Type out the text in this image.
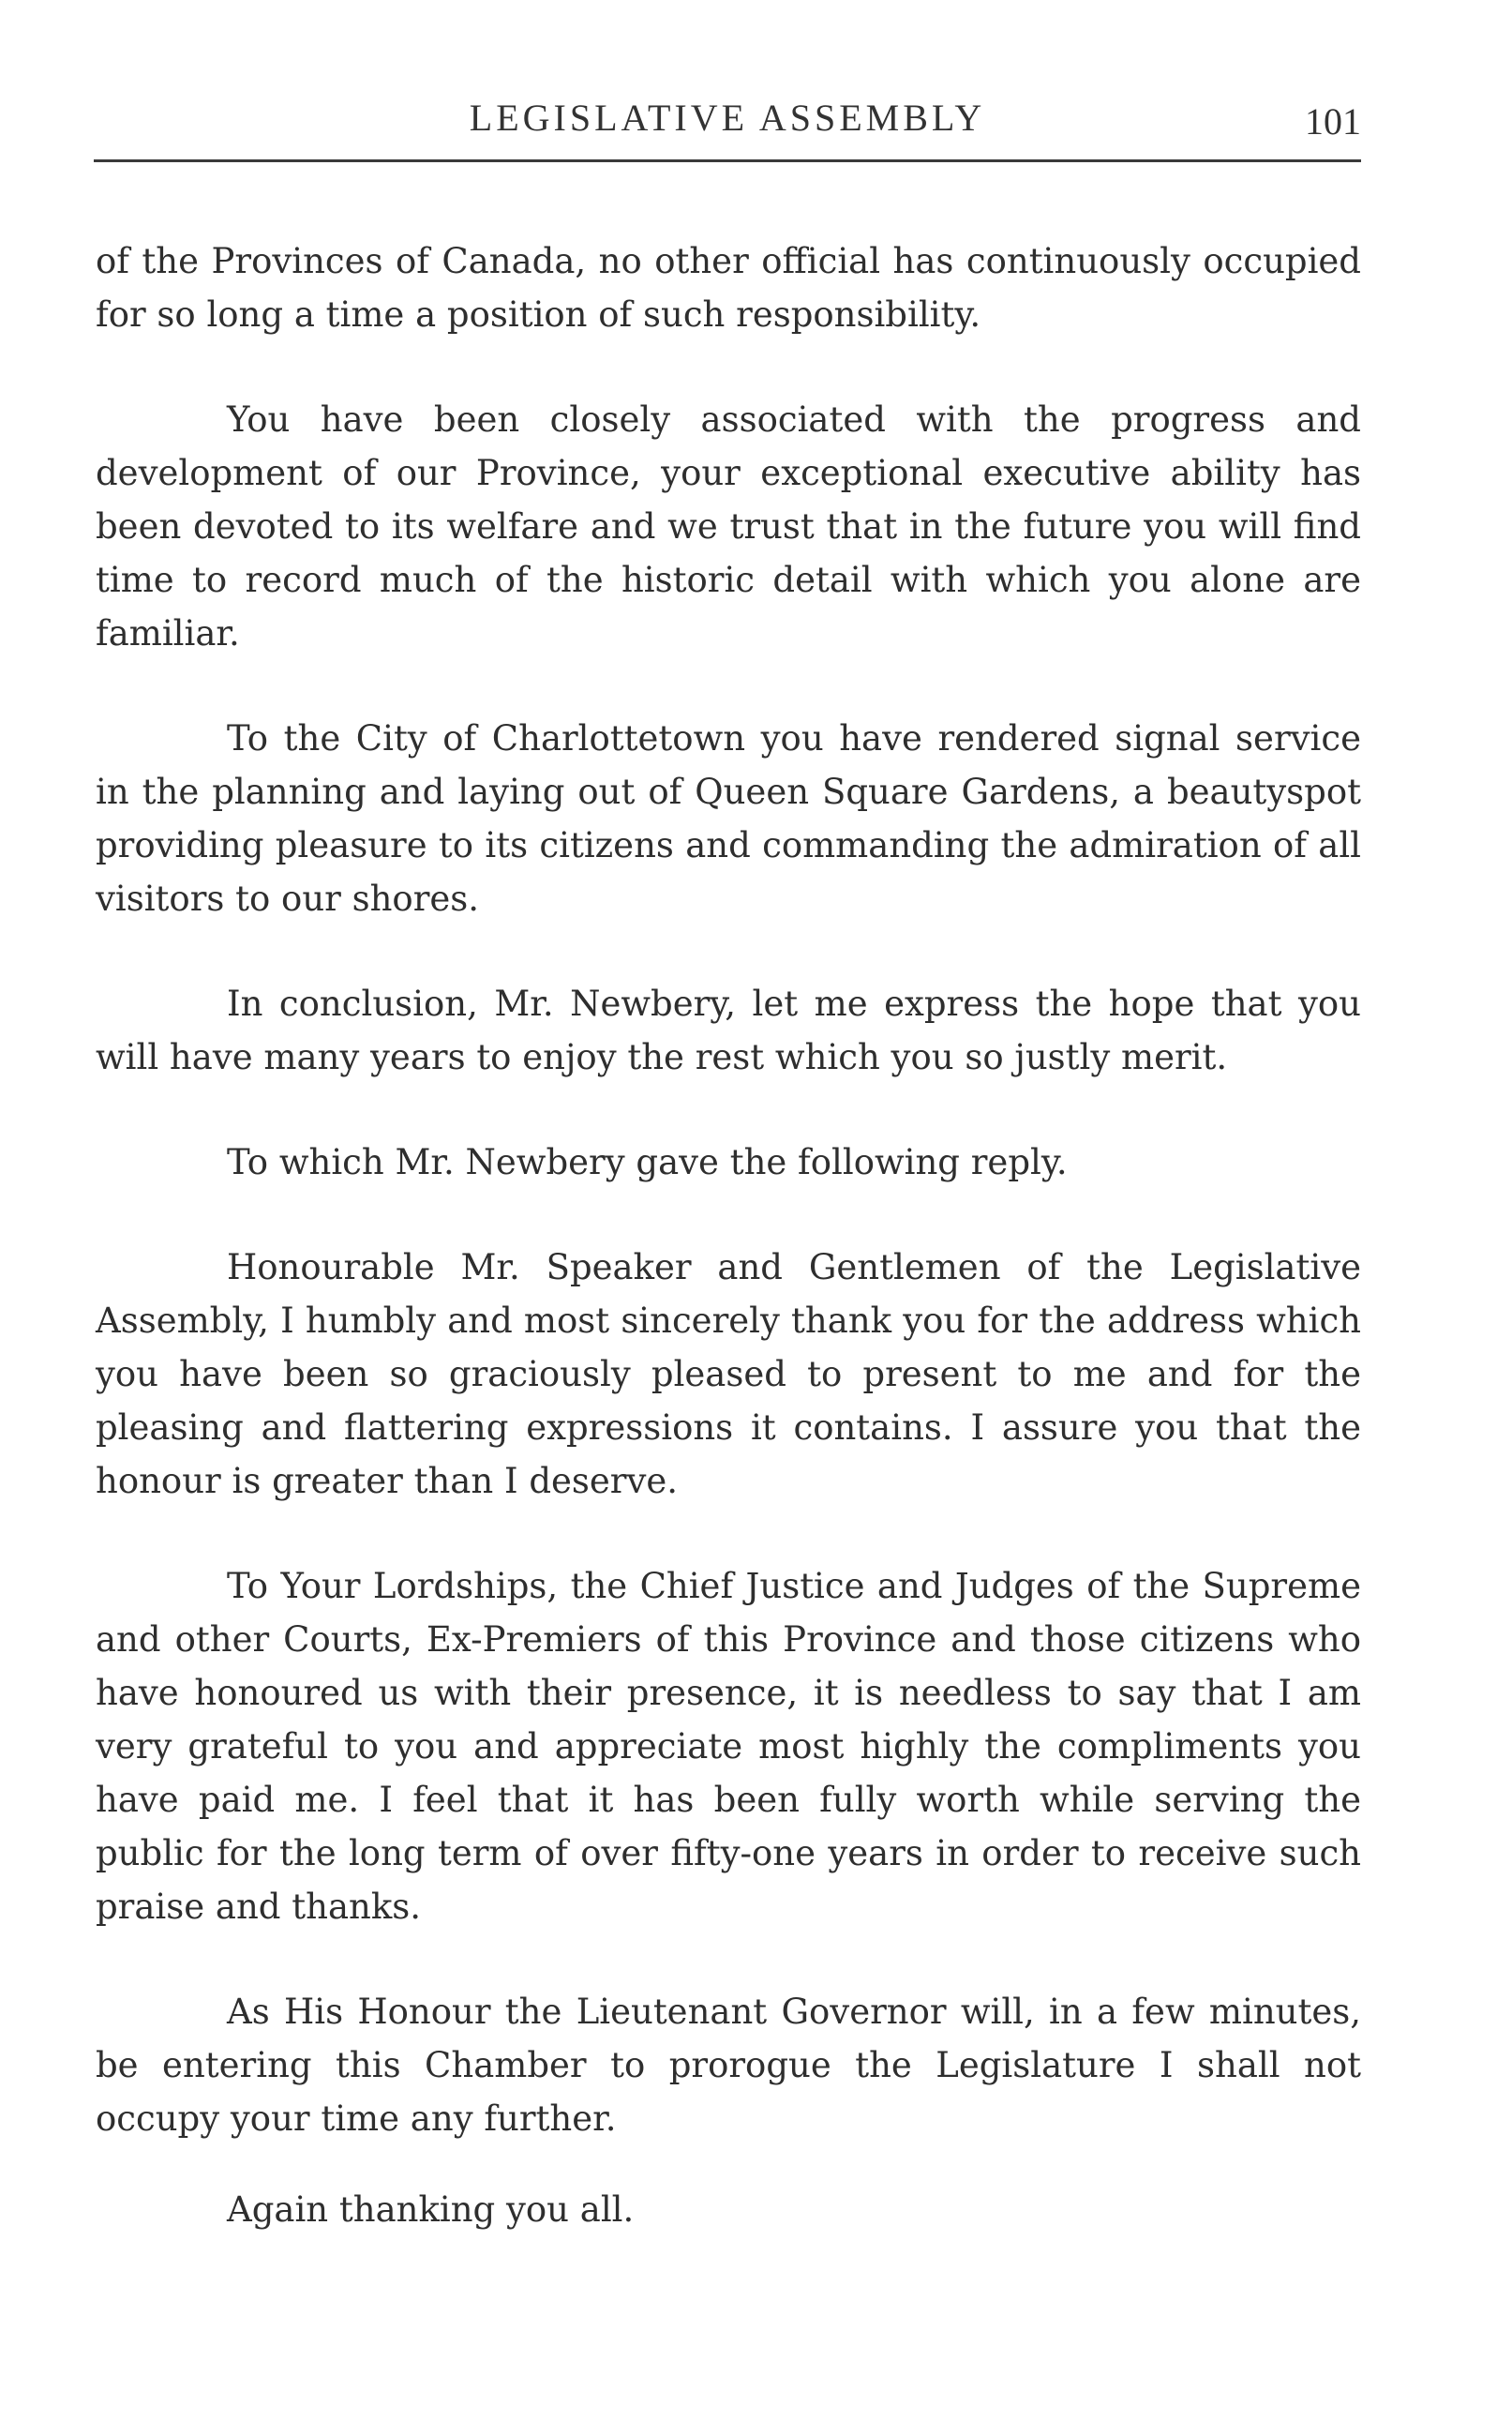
LEGISLATIVE ASSEMBLY	101

of the Provinces of Canada, no other official has continuously occupied for so long a time a position of such responsibility.

You have been closely associated with the progress and development of our Province, your exceptional executive ability has been devoted to its welfare and we trust that in the future you will find time to record much of the historic detail with which you alone are familiar.

To the City of Charlottetown you have rendered signal service in the planning and laying out of Queen Square Gardens, a beautyspot providing pleasure to its citizens and commanding the admiration of all visitors to our shores.

In conclusion, Mr. Newbery, let me express the hope that you will have many years to enjoy the rest which you so justly merit.

To which Mr. Newbery gave the following reply.

Honourable Mr. Speaker and Gentlemen of the Legislative Assembly, I humbly and most sincerely thank you for the address which you have been so graciously pleased to present to me and for the pleasing and flattering expressions it contains. I assure you that the honour is greater than I deserve.

To Your Lordships, the Chief Justice and Judges of the Supreme and other Courts, Ex-Premiers of this Province and those citizens who have honoured us with their presence, it is needless to say that I am very grateful to you and appreciate most highly the compliments you have paid me. I feel that it has been fully worth while serving the public for the long term of over fifty-one years in order to receive such praise and thanks.

As His Honour the Lieutenant Governor will, in a few minutes, be entering this Chamber to prorogue the Legislature I shall not occupy your time any further.

Again thanking you all.
